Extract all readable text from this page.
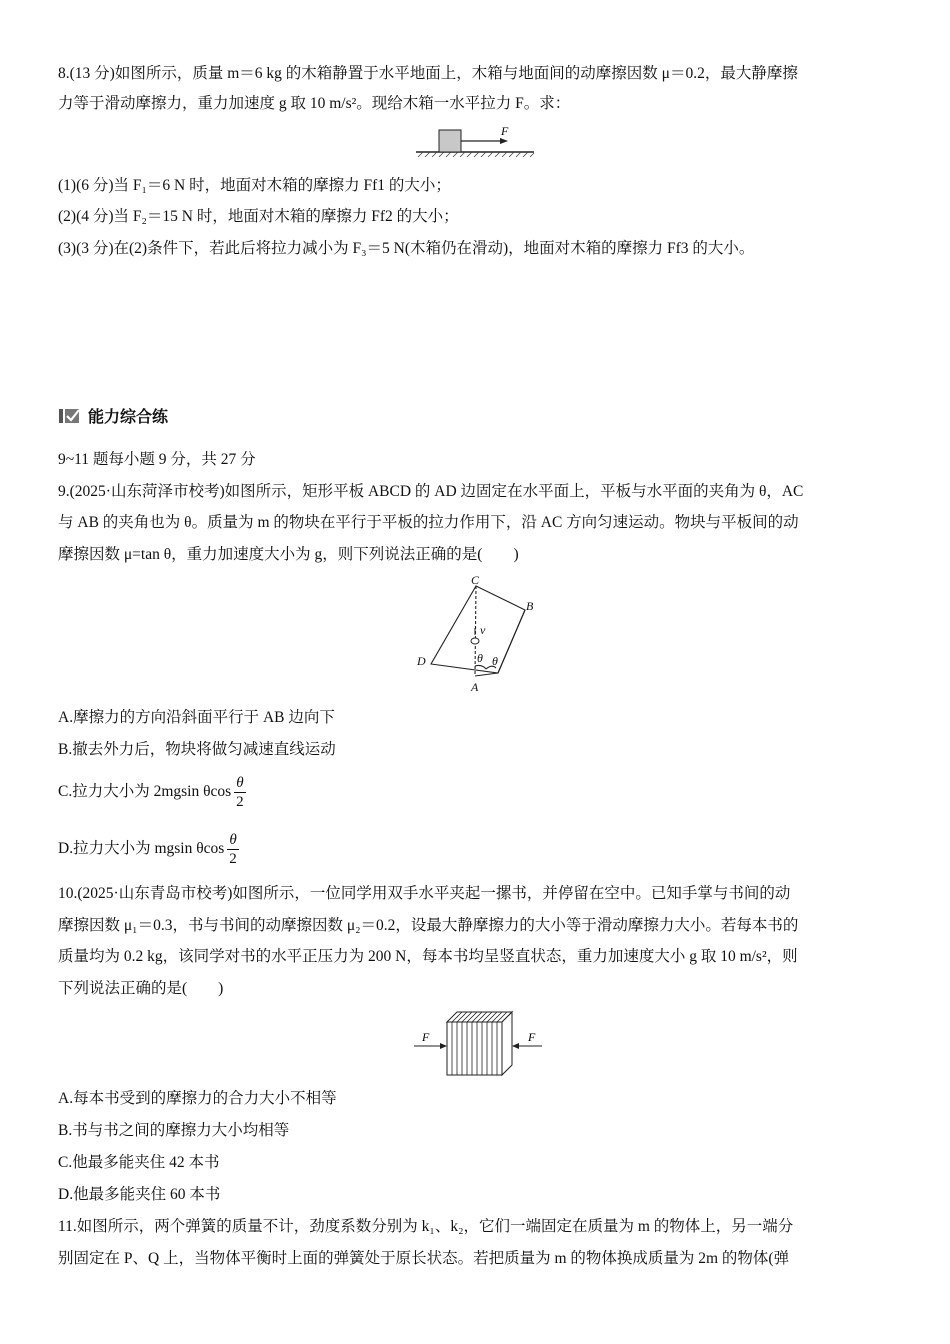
8.(13 分)如图所示，质量 m＝6 kg 的木箱静置于水平地面上，木箱与地面间的动摩擦因数 μ＝0.2，最大静摩擦
力等于滑动摩擦力，重力加速度 g 取 10 m/s²。现给木箱一水平拉力 F。求：
F
(1)(6 分)当 F₁＝6 N 时，地面对木箱的摩擦力 Ff1 的大小；
(2)(4 分)当 F₂＝15 N 时，地面对木箱的摩擦力 Ff2 的大小；
(3)(3 分)在(2)条件下，若此后将拉力减小为 F₃＝5 N(木箱仍在滑动)，地面对木箱的摩擦力 Ff3 的大小。
能力综合练
9~11 题每小题 9 分，共 27 分
9.(2025·山东菏泽市校考)如图所示，矩形平板 ABCD 的 AD 边固定在水平面上，平板与水平面的夹角为 θ，AC
与 AB 的夹角也为 θ。质量为 m 的物块在平行于平板的拉力作用下，沿 AC 方向匀速运动。物块与平板间的动
摩擦因数 μ=tan θ，重力加速度大小为 g，则下列说法正确的是(　　)
C
B
D
A
v
θ θ
A.摩擦力的方向沿斜面平行于 AB 边向下
B.撤去外力后，物块将做匀减速直线运动
C.拉力大小为 2mgsin θcos $\frac{\theta}{2}$
D.拉力大小为 mgsin θcos $\frac{\theta}{2}$
10.(2025·山东青岛市校考)如图所示，一位同学用双手水平夹起一摞书，并停留在空中。已知手掌与书间的动
摩擦因数 μ₁＝0.3，书与书间的动摩擦因数 μ₂＝0.2，设最大静摩擦力的大小等于滑动摩擦力大小。若每本书的
质量均为 0.2 kg，该同学对书的水平正压力为 200 N，每本书均呈竖直状态，重力加速度大小 g 取 10 m/s²，则
下列说法正确的是(　　)
F	F
A.每本书受到的摩擦力的合力大小不相等
B.书与书之间的摩擦力大小均相等
C.他最多能夹住 42 本书
D.他最多能夹住 60 本书
11.如图所示，两个弹簧的质量不计，劲度系数分别为 k₁、k₂，它们一端固定在质量为 m 的物体上，另一端分
别固定在 P、Q 上，当物体平衡时上面的弹簧处于原长状态。若把质量为 m 的物体换成质量为 2m 的物体(弹
